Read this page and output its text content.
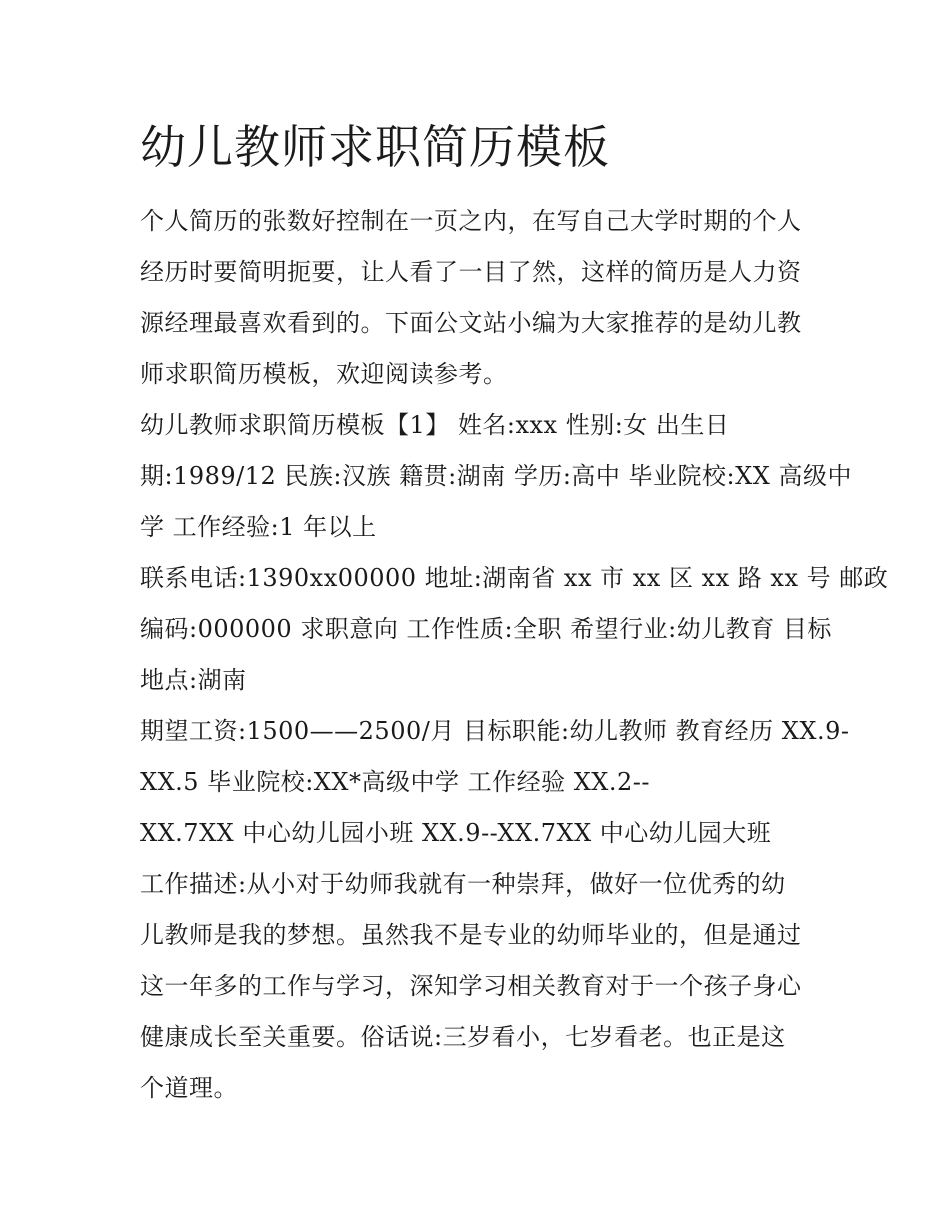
幼儿教师求职简历模板

个人简历的张数好控制在一页之内，在写自己大学时期的个人
经历时要简明扼要，让人看了一目了然，这样的简历是人力资
源经理最喜欢看到的。下面公文站小编为大家推荐的是幼儿教
师求职简历模板，欢迎阅读参考。

幼儿教师求职简历模板【1】 姓名:xxx 性别:女 出生日
期:1989/12 民族:汉族 籍贯:湖南 学历:高中 毕业院校:XX 高级中
学 工作经验:1 年以上

联系电话:1390xx00000 地址:湖南省 xx 市 xx 区 xx 路 xx 号 邮政
编码:000000 求职意向 工作性质:全职 希望行业:幼儿教育 目标
地点:湖南

期望工资:1500——2500/月 目标职能:幼儿教师 教育经历 XX.9-
XX.5 毕业院校:XX*高级中学 工作经验 XX.2--
XX.7XX 中心幼儿园小班 XX.9--XX.7XX 中心幼儿园大班

工作描述:从小对于幼师我就有一种崇拜，做好一位优秀的幼
儿教师是我的梦想。虽然我不是专业的幼师毕业的，但是通过
这一年多的工作与学习，深知学习相关教育对于一个孩子身心
健康成长至关重要。俗话说:三岁看小，七岁看老。也正是这
个道理。
